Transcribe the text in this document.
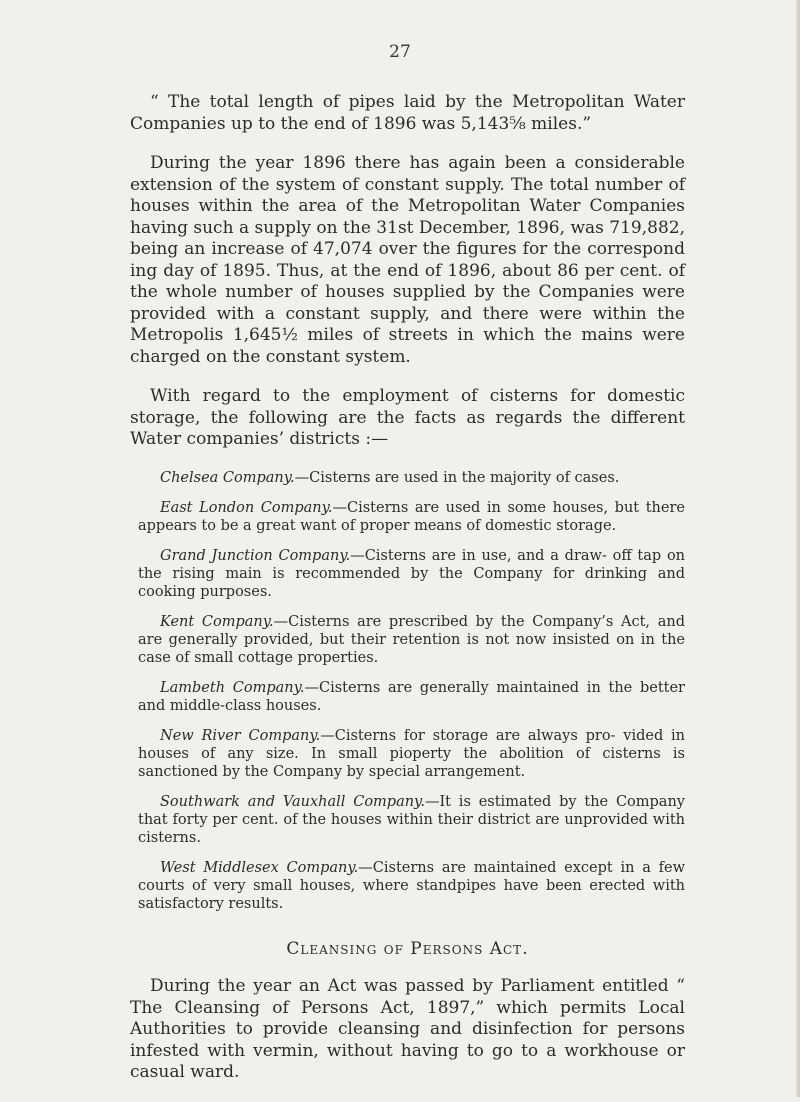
27

“ The total length of pipes laid by the Metropolitan Water Companies up to the end of 1896 was 5,143⅝ miles.”

During the year 1896 there has again been a considerable extension of the system of constant supply. The total number of houses within the area of the Metropolitan Water Companies having such a supply on the 31st December, 1896, was 719,882, being an increase of 47,074 over the figures for the correspond ing day of 1895. Thus, at the end of 1896, about 86 per cent. of the whole number of houses supplied by the Companies were provided with a constant supply, and there were within the Metropolis 1,645½ miles of streets in which the mains were charged on the constant system.

With regard to the employment of cisterns for domestic storage, the following are the facts as regards the different Water companies’ districts :—

Chelsea Company.—Cisterns are used in the majority of cases.

East London Company.—Cisterns are used in some houses, but there appears to be a great want of proper means of domestic storage.

Grand Junction Company.—Cisterns are in use, and a draw- off tap on the rising main is recommended by the Company for drinking and cooking purposes.

Kent Company.—Cisterns are prescribed by the Company’s Act, and are generally provided, but their retention is not now insisted on in the case of small cottage properties.

Lambeth Company.—Cisterns are generally maintained in the better and middle-class houses.

New River Company.—Cisterns for storage are always pro- vided in houses of any size. In small pioperty the abolition of cisterns is sanctioned by the Company by special arrangement.

Southwark and Vauxhall Company.—It is estimated by the Company that forty per cent. of the houses within their district are unprovided with cisterns.

West Middlesex Company.—Cisterns are maintained except in a few courts of very small houses, where standpipes have been erected with satisfactory results.

Cleansing of Persons Act.

During the year an Act was passed by Parliament entitled “ The Cleansing of Persons Act, 1897,” which permits Local Authorities to provide cleansing and disinfection for persons infested with vermin, without having to go to a workhouse or casual ward.
